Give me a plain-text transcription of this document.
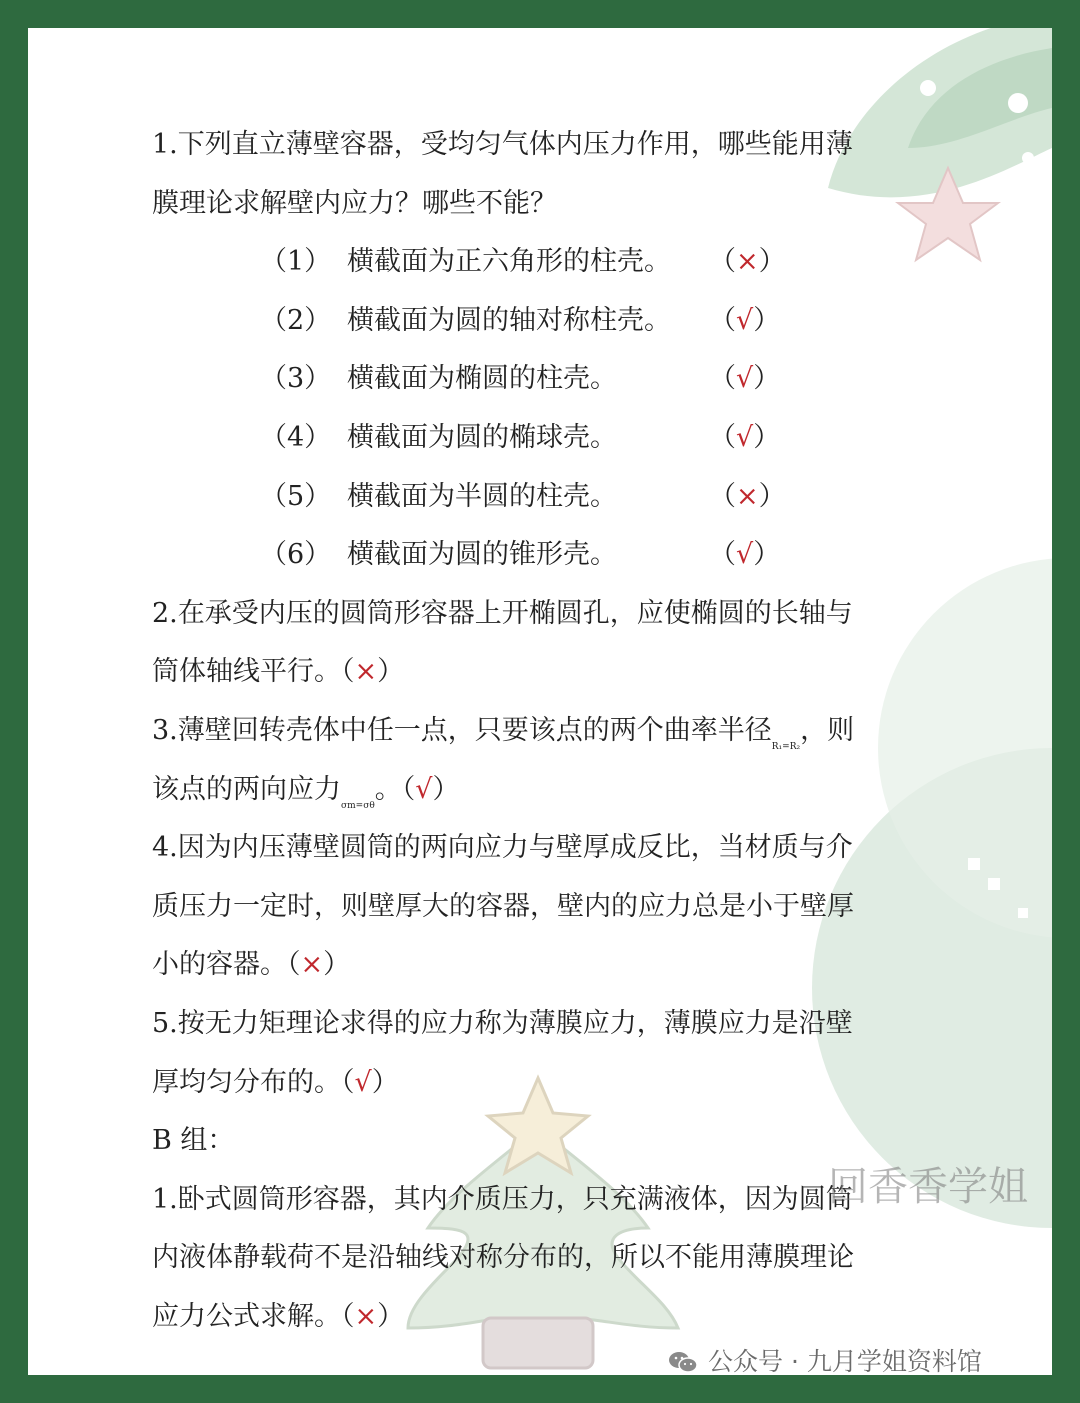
1.下列直立薄壁容器，受均匀气体内压力作用，哪些能用薄
膜理论求解壁内应力？哪些不能？
（1） 横截面为正六角形的柱壳。 （×）
（2） 横截面为圆的轴对称柱壳。 （√）
（3） 横截面为椭圆的柱壳。	（√）
（4） 横截面为圆的椭球壳。	（√）
（5） 横截面为半圆的柱壳。	（×）
（6） 横截面为圆的锥形壳。	（√）
2.在承受内压的圆筒形容器上开椭圆孔，应使椭圆的长轴与
筒体轴线平行。（×）
3.薄壁回转壳体中任一点，只要该点的两个曲率半径$_{R_1=R_2}$，则
该点的两向应力$_{\sigma m=\sigma\theta}$。（√）
4.因为内压薄壁圆筒的两向应力与壁厚成反比，当材质与介
质压力一定时，则壁厚大的容器，壁内的应力总是小于壁厚
小的容器。（×）
5.按无力矩理论求得的应力称为薄膜应力，薄膜应力是沿壁
厚均匀分布的。（√）
B 组：
1.卧式圆筒形容器，其内介质压力，只充满液体，因为圆筒
内液体静载荷不是沿轴线对称分布的，所以不能用薄膜理论
应力公式求解。（×）
回香香学姐
公众号 · 九月学姐资料馆
